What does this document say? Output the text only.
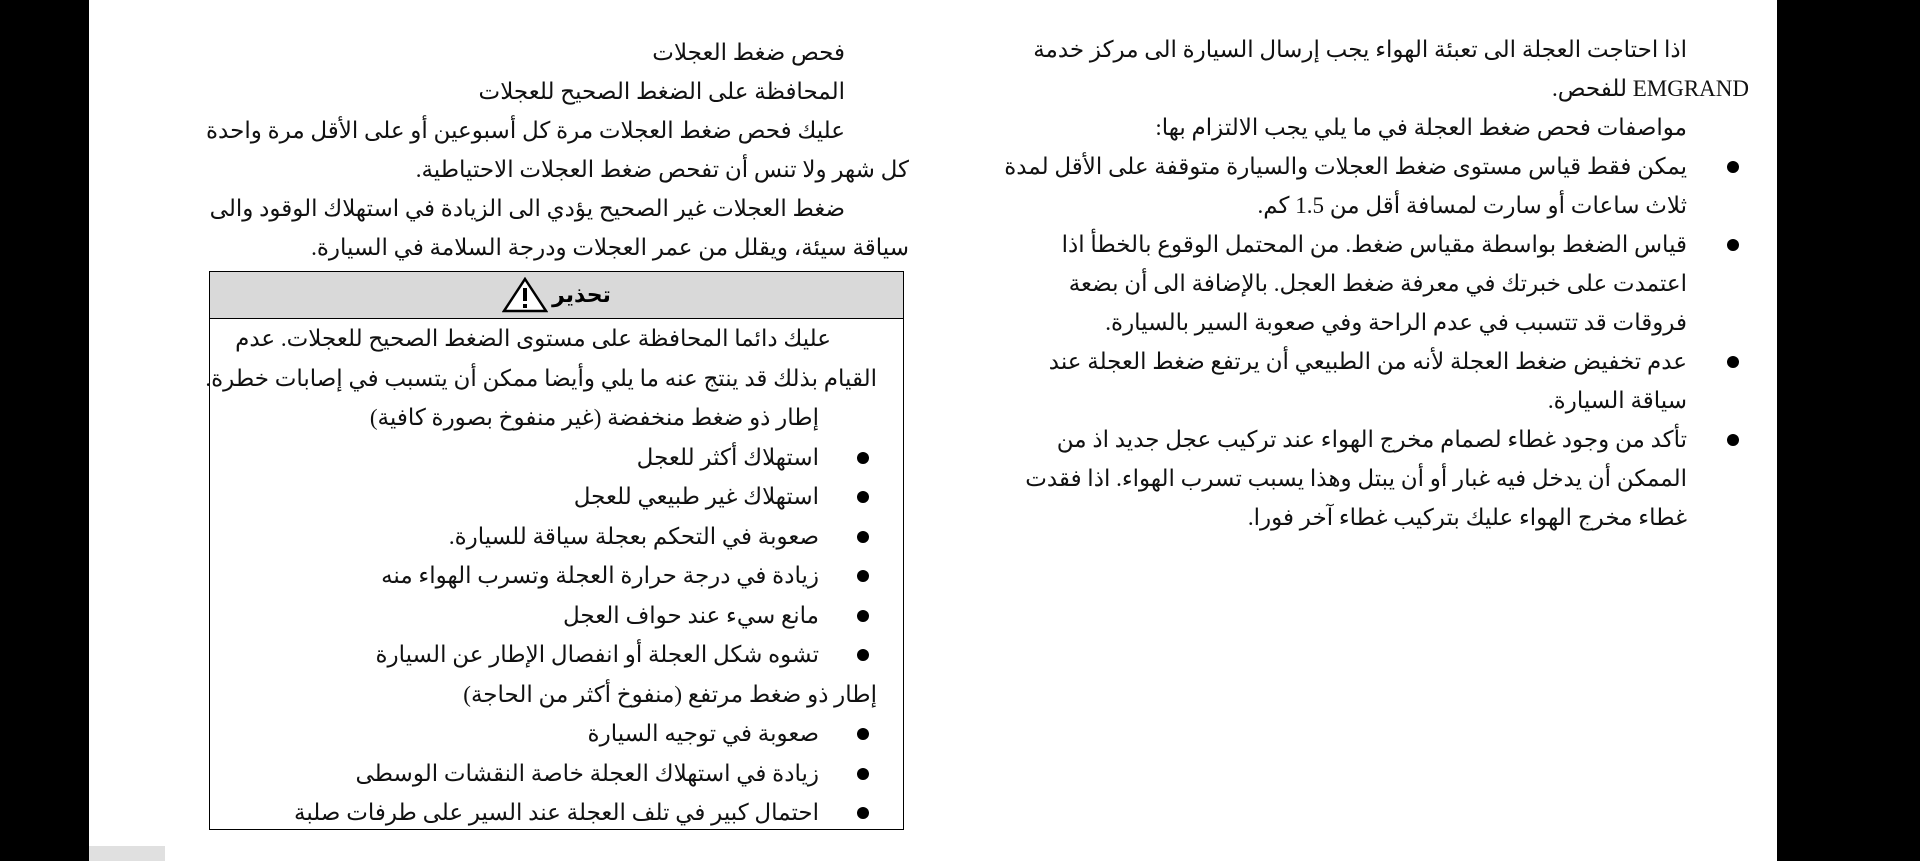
اذا احتاجت العجلة الى تعبئة الهواء يجب إرسال السيارة الى مركز خدمة

EMGRAND للفحص.

مواصفات فحص ضغط العجلة في ما يلي يجب الالتزام بها:

يمكن فقط قياس مستوى ضغط العجلات والسيارة متوقفة على الأقل لمدة

ثلاث ساعات أو سارت لمسافة أقل من 1.5 كم.

قياس الضغط بواسطة مقياس ضغط. من المحتمل الوقوع بالخطأ اذا

اعتمدت على خبرتك في معرفة ضغط العجل. بالإضافة الى أن بضعة

فروقات قد تتسبب في عدم الراحة وفي صعوبة السير بالسيارة.

عدم تخفيض ضغط العجلة لأنه من الطبيعي أن يرتفع ضغط العجلة عند

سياقة السيارة.

تأكد من وجود غطاء لصمام مخرج الهواء عند تركيب عجل جديد اذ من

الممكن أن يدخل فيه غبار أو أن يبتل وهذا يسبب تسرب الهواء. اذا فقدت

غطاء مخرج الهواء عليك بتركيب غطاء آخر فورا.

فحص ضغط العجلات

المحافظة على الضغط الصحيح للعجلات

عليك فحص ضغط العجلات مرة كل أسبوعين أو على الأقل مرة واحدة

كل شهر ولا تنس أن تفحص ضغط العجلات الاحتياطية.

ضغط العجلات غير الصحيح يؤدي الى الزيادة في استهلاك الوقود والى

سياقة سيئة، ويقلل من عمر العجلات ودرجة السلامة في السيارة.

تحذير
عليك دائما المحافظة على مستوى الضغط الصحيح للعجلات. عدم
القيام بذلك قد ينتج عنه ما يلي وأيضا ممكن أن يتسبب في إصابات خطرة.
إطار ذو ضغط منخفضة (غير منفوخ بصورة كافية)
استهلاك أكثر للعجل
استهلاك غير طبيعي للعجل
صعوبة في التحكم بعجلة سياقة للسيارة.
زيادة في درجة حرارة العجلة وتسرب الهواء منه
مانع سيء عند حواف العجل
تشوه شكل العجلة أو انفصال الإطار عن السيارة
إطار ذو ضغط مرتفع (منفوخ أكثر من الحاجة)
صعوبة في توجيه السيارة
زيادة في استهلاك العجلة خاصة النقشات الوسطى
احتمال كبير في تلف العجلة عند السير على طرفات صلبة
